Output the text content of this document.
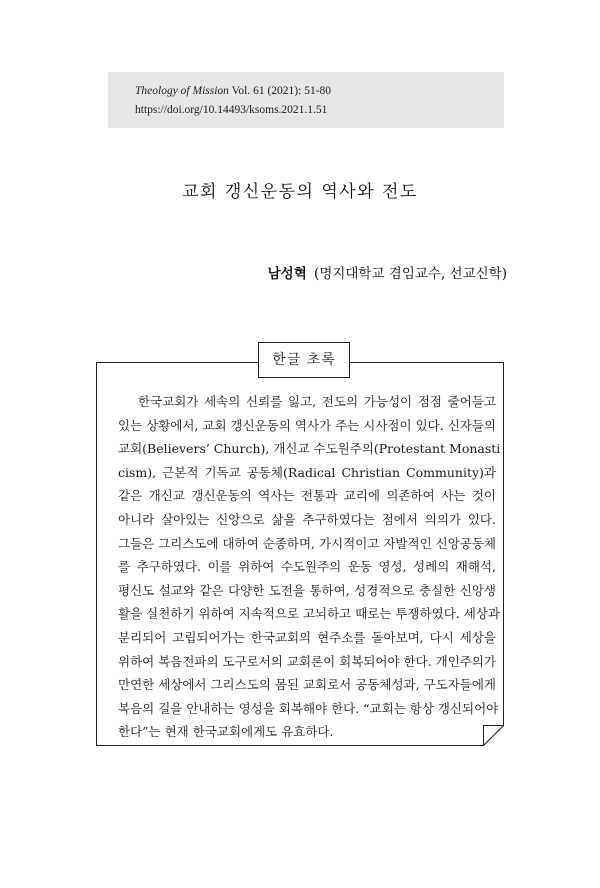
Theology of Mission Vol. 61 (2021): 51-80
https://doi.org/10.14493/ksoms.2021.1.51
교회 갱신운동의 역사와 전도
남성혁 (명지대학교 겸임교수, 선교신학)
한글 초록
한국교회가 세속의 신뢰를 잃고, 전도의 가능성이 점점 줄어들고
있는 상황에서, 교회 갱신운동의 역사가 주는 시사점이 있다. 신자들의
교회(Believers’ Church), 개신교 수도원주의(Protestant Monasti
cism), 근본적 기독교 공동체(Radical Christian Community)과
같은 개신교 갱신운동의 역사는 전통과 교리에 의존하여 사는 것이
아니라 살아있는 신앙으로 삶을 추구하였다는 점에서 의의가 있다.
그들은 그리스도에 대하여 순종하며, 가시적이고 자발적인 신앙공동체
를 추구하였다. 이를 위하여 수도원주의 운동 영성, 성례의 재해석,
평신도 설교와 같은 다양한 도전을 통하여, 성경적으로 충실한 신앙생
활을 실천하기 위하여 지속적으로 고뇌하고 때로는 투쟁하였다. 세상과
분리되어 고립되어가는 한국교회의 현주소를 돌아보며, 다시 세상을
위하여 복음전파의 도구로서의 교회론이 회복되어야 한다. 개인주의가
만연한 세상에서 그리스도의 몸된 교회로서 공동체성과, 구도자들에게
복음의 길을 안내하는 영성을 회복해야 한다. “교회는 항상 갱신되어야
한다”는 현재 한국교회에게도 유효하다.
